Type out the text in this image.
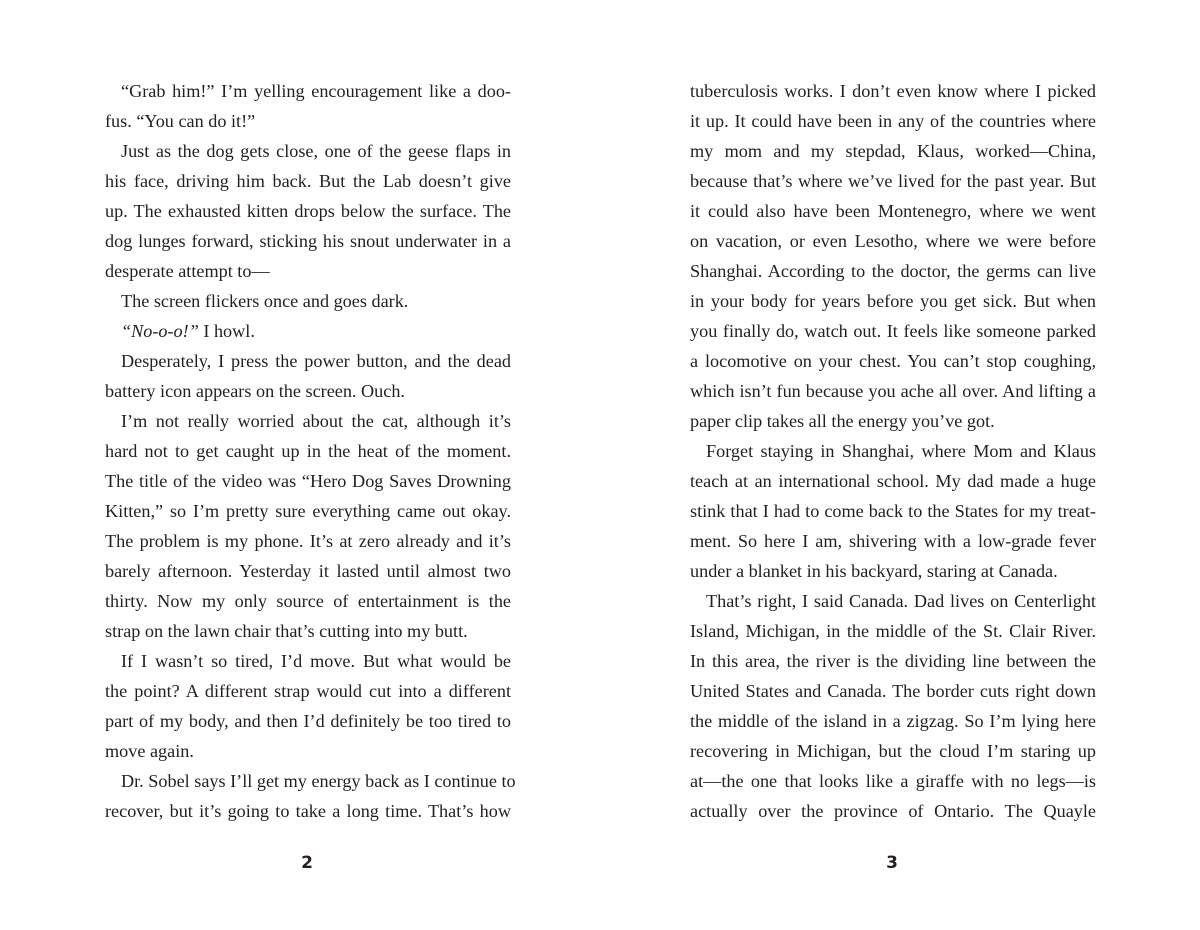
“Grab him!” I’m yelling encouragement like a doo-
fus. “You can do it!”
Just as the dog gets close, one of the geese flaps in
his face, driving him back. But the Lab doesn’t give
up. The exhausted kitten drops below the surface. The
dog lunges forward, sticking his snout underwater in a
desperate attempt to—
The screen flickers once and goes dark.
“No-o-o!” I howl.
Desperately, I press the power button, and the dead
battery icon appears on the screen. Ouch.
I’m not really worried about the cat, although it’s
hard not to get caught up in the heat of the moment.
The title of the video was “Hero Dog Saves Drowning
Kitten,” so I’m pretty sure everything came out okay.
The problem is my phone. It’s at zero already and it’s
barely afternoon. Yesterday it lasted until almost two
thirty. Now my only source of entertainment is the
strap on the lawn chair that’s cutting into my butt.
If I wasn’t so tired, I’d move. But what would be
the point? A different strap would cut into a different
part of my body, and then I’d definitely be too tired to
move again.
Dr. Sobel says I’ll get my energy back as I continue to
recover, but it’s going to take a long time. That’s how
2
tuberculosis works. I don’t even know where I picked
it up. It could have been in any of the countries where
my mom and my stepdad, Klaus, worked—China,
because that’s where we’ve lived for the past year. But
it could also have been Montenegro, where we went
on vacation, or even Lesotho, where we were before
Shanghai. According to the doctor, the germs can live
in your body for years before you get sick. But when
you finally do, watch out. It feels like someone parked
a locomotive on your chest. You can’t stop coughing,
which isn’t fun because you ache all over. And lifting a
paper clip takes all the energy you’ve got.
Forget staying in Shanghai, where Mom and Klaus
teach at an international school. My dad made a huge
stink that I had to come back to the States for my treat-
ment. So here I am, shivering with a low-grade fever
under a blanket in his backyard, staring at Canada.
That’s right, I said Canada. Dad lives on Centerlight
Island, Michigan, in the middle of the St. Clair River.
In this area, the river is the dividing line between the
United States and Canada. The border cuts right down
the middle of the island in a zigzag. So I’m lying here
recovering in Michigan, but the cloud I’m staring up
at—the one that looks like a giraffe with no legs—is
actually over the province of Ontario. The Quayle
3
